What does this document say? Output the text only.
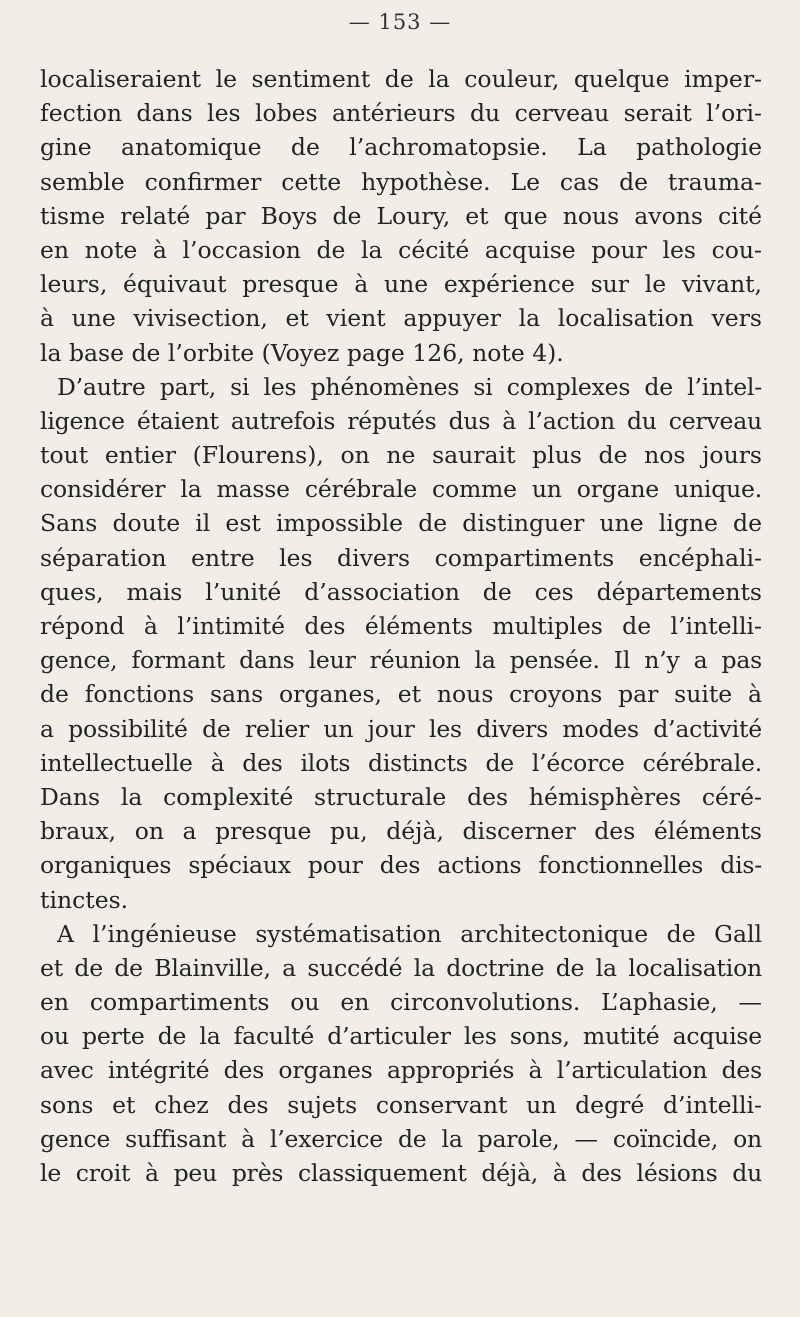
— 153 —
localiseraient le sentiment de la couleur, quelque imper-
fection dans les lobes antérieurs du cerveau serait l’ori-
gine anatomique de l’achromatopsie. La pathologie
semble confirmer cette hypothèse. Le cas de trauma-
tisme relaté par Boys de Loury, et que nous avons cité
en note à l’occasion de la cécité acquise pour les cou-
leurs, équivaut presque à une expérience sur le vivant,
à une vivisection, et vient appuyer la localisation vers
la base de l’orbite (Voyez page 126, note 4).
D’autre part, si les phénomènes si complexes de l’intel-
ligence étaient autrefois réputés dus à l’action du cerveau
tout entier (Flourens), on ne saurait plus de nos jours
considérer la masse cérébrale comme un organe unique.
Sans doute il est impossible de distinguer une ligne de
séparation entre les divers compartiments encéphali-
ques, mais l’unité d’association de ces départements
répond à l’intimité des éléments multiples de l’intelli-
gence, formant dans leur réunion la pensée. Il n’y a pas
de fonctions sans organes, et nous croyons par suite à
a possibilité de relier un jour les divers modes d’activité
intellectuelle à des ilots distincts de l’écorce cérébrale.
Dans la complexité structurale des hémisphères céré-
braux, on a presque pu, déjà, discerner des éléments
organiques spéciaux pour des actions fonctionnelles dis-
tinctes.
A l’ingénieuse systématisation architectonique de Gall
et de de Blainville, a succédé la doctrine de la localisation
en compartiments ou en circonvolutions. L’aphasie, —
ou perte de la faculté d’articuler les sons, mutité acquise
avec intégrité des organes appropriés à l’articulation des
sons et chez des sujets conservant un degré d’intelli-
gence suffisant à l’exercice de la parole, — coïncide, on
le croit à peu près classiquement déjà, à des lésions du
